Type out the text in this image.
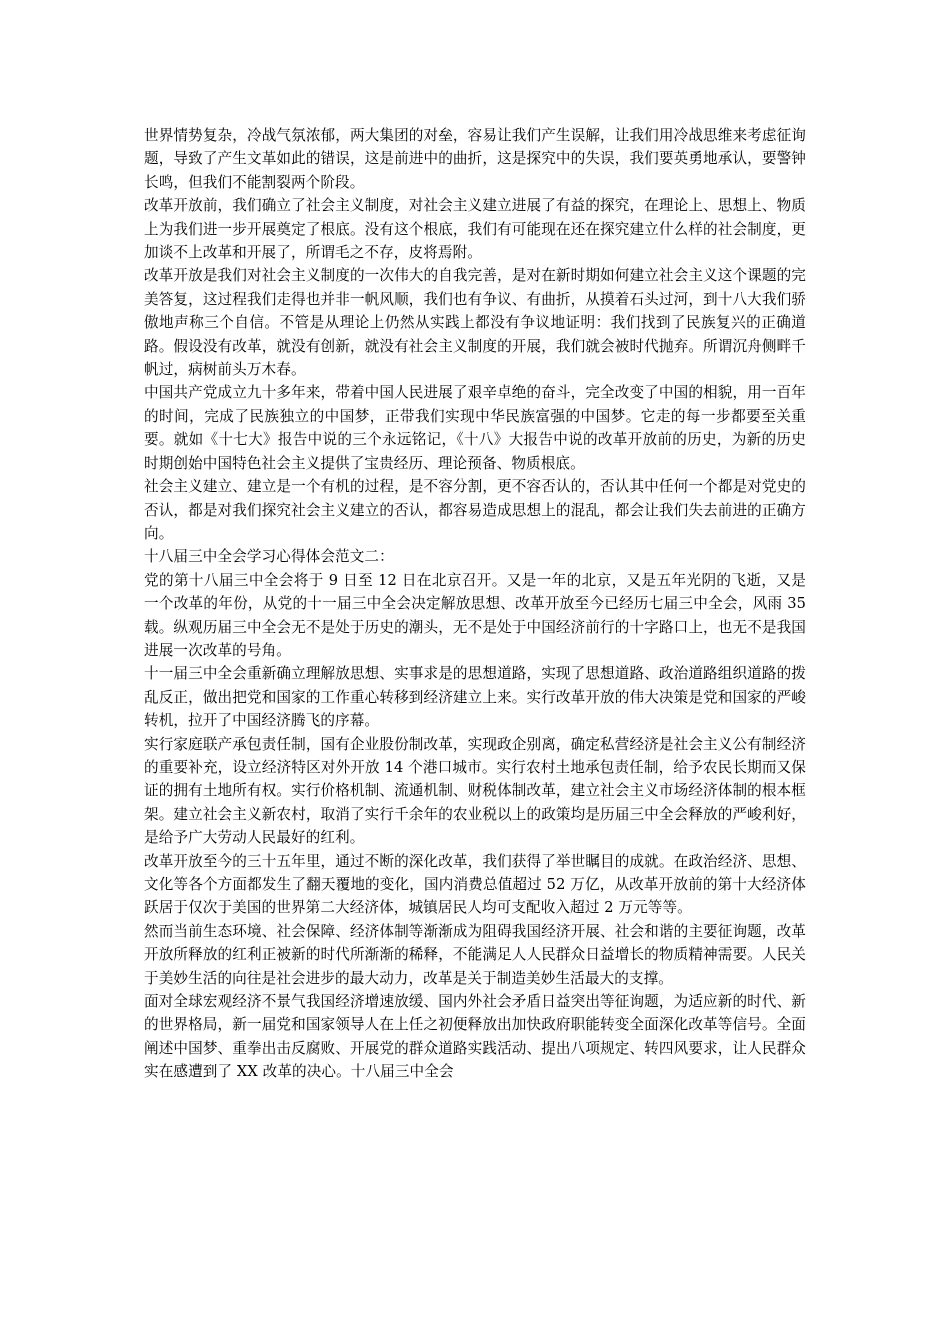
世界情势复杂，冷战气氛浓郁，两大集团的对垒，容易让我们产生误解，让我们用冷战思维来考虑征询题，导致了产生文革如此的错误，这是前进中的曲折，这是探究中的失误，我们要英勇地承认，要警钟长鸣，但我们不能割裂两个阶段。

改革开放前，我们确立了社会主义制度，对社会主义建立进展了有益的探究，在理论上、思想上、物质上为我们进一步开展奠定了根底。没有这个根底，我们有可能现在还在探究建立什么样的社会制度，更加谈不上改革和开展了，所谓毛之不存，皮将焉附。

改革开放是我们对社会主义制度的一次伟大的自我完善，是对在新时期如何建立社会主义这个课题的完美答复，这过程我们走得也并非一帆风顺，我们也有争议、有曲折，从摸着石头过河，到十八大我们骄傲地声称三个自信。不管是从理论上仍然从实践上都没有争议地证明：我们找到了民族复兴的正确道路。假设没有改革，就没有创新，就没有社会主义制度的开展，我们就会被时代抛弃。所谓沉舟侧畔千帆过，病树前头万木春。

中国共产党成立九十多年来，带着中国人民进展了艰辛卓绝的奋斗，完全改变了中国的相貌，用一百年的时间，完成了民族独立的中国梦，正带我们实现中华民族富强的中国梦。它走的每一步都要至关重要。就如《十七大》报告中说的三个永远铭记，《十八》大报告中说的改革开放前的历史，为新的历史时期创始中国特色社会主义提供了宝贵经历、理论预备、物质根底。

社会主义建立、建立是一个有机的过程，是不容分割，更不容否认的，否认其中任何一个都是对党史的否认，都是对我们探究社会主义建立的否认，都容易造成思想上的混乱，都会让我们失去前进的正确方向。

十八届三中全会学习心得体会范文二：

党的第十八届三中全会将于 9 日至 12 日在北京召开。又是一年的北京，又是五年光阴的飞逝，又是一个改革的年份，从党的十一届三中全会决定解放思想、改革开放至今已经历七届三中全会，风雨 35 载。纵观历届三中全会无不是处于历史的潮头，无不是处于中国经济前行的十字路口上，也无不是我国进展一次改革的号角。

十一届三中全会重新确立理解放思想、实事求是的思想道路，实现了思想道路、政治道路组织道路的拨乱反正，做出把党和国家的工作重心转移到经济建立上来。实行改革开放的伟大决策是党和国家的严峻转机，拉开了中国经济腾飞的序幕。

实行家庭联产承包责任制，国有企业股份制改革，实现政企别离，确定私营经济是社会主义公有制经济的重要补充，设立经济特区对外开放 14 个港口城市。实行农村土地承包责任制，给予农民长期而又保证的拥有土地所有权。实行价格机制、流通机制、财税体制改革，建立社会主义市场经济体制的根本框架。建立社会主义新农村，取消了实行千余年的农业税以上的政策均是历届三中全会释放的严峻利好，是给予广大劳动人民最好的红利。

改革开放至今的三十五年里，通过不断的深化改革，我们获得了举世瞩目的成就。在政治经济、思想、文化等各个方面都发生了翻天覆地的变化，国内消费总值超过 52 万亿，从改革开放前的第十大经济体跃居于仅次于美国的世界第二大经济体，城镇居民人均可支配收入超过 2 万元等等。

然而当前生态环境、社会保障、经济体制等渐渐成为阻碍我国经济开展、社会和谐的主要征询题，改革开放所释放的红利正被新的时代所渐渐的稀释，不能满足人人民群众日益增长的物质精神需要。人民关于美妙生活的向往是社会进步的最大动力，改革是关于制造美妙生活最大的支撑。

面对全球宏观经济不景气我国经济增速放缓、国内外社会矛盾日益突出等征询题，为适应新的时代、新的世界格局，新一届党和国家领导人在上任之初便释放出加快政府职能转变全面深化改革等信号。全面阐述中国梦、重拳出击反腐败、开展党的群众道路实践活动、提出八项规定、转四风要求，让人民群众实在感遭到了 XX 改革的决心。十八届三中全会
